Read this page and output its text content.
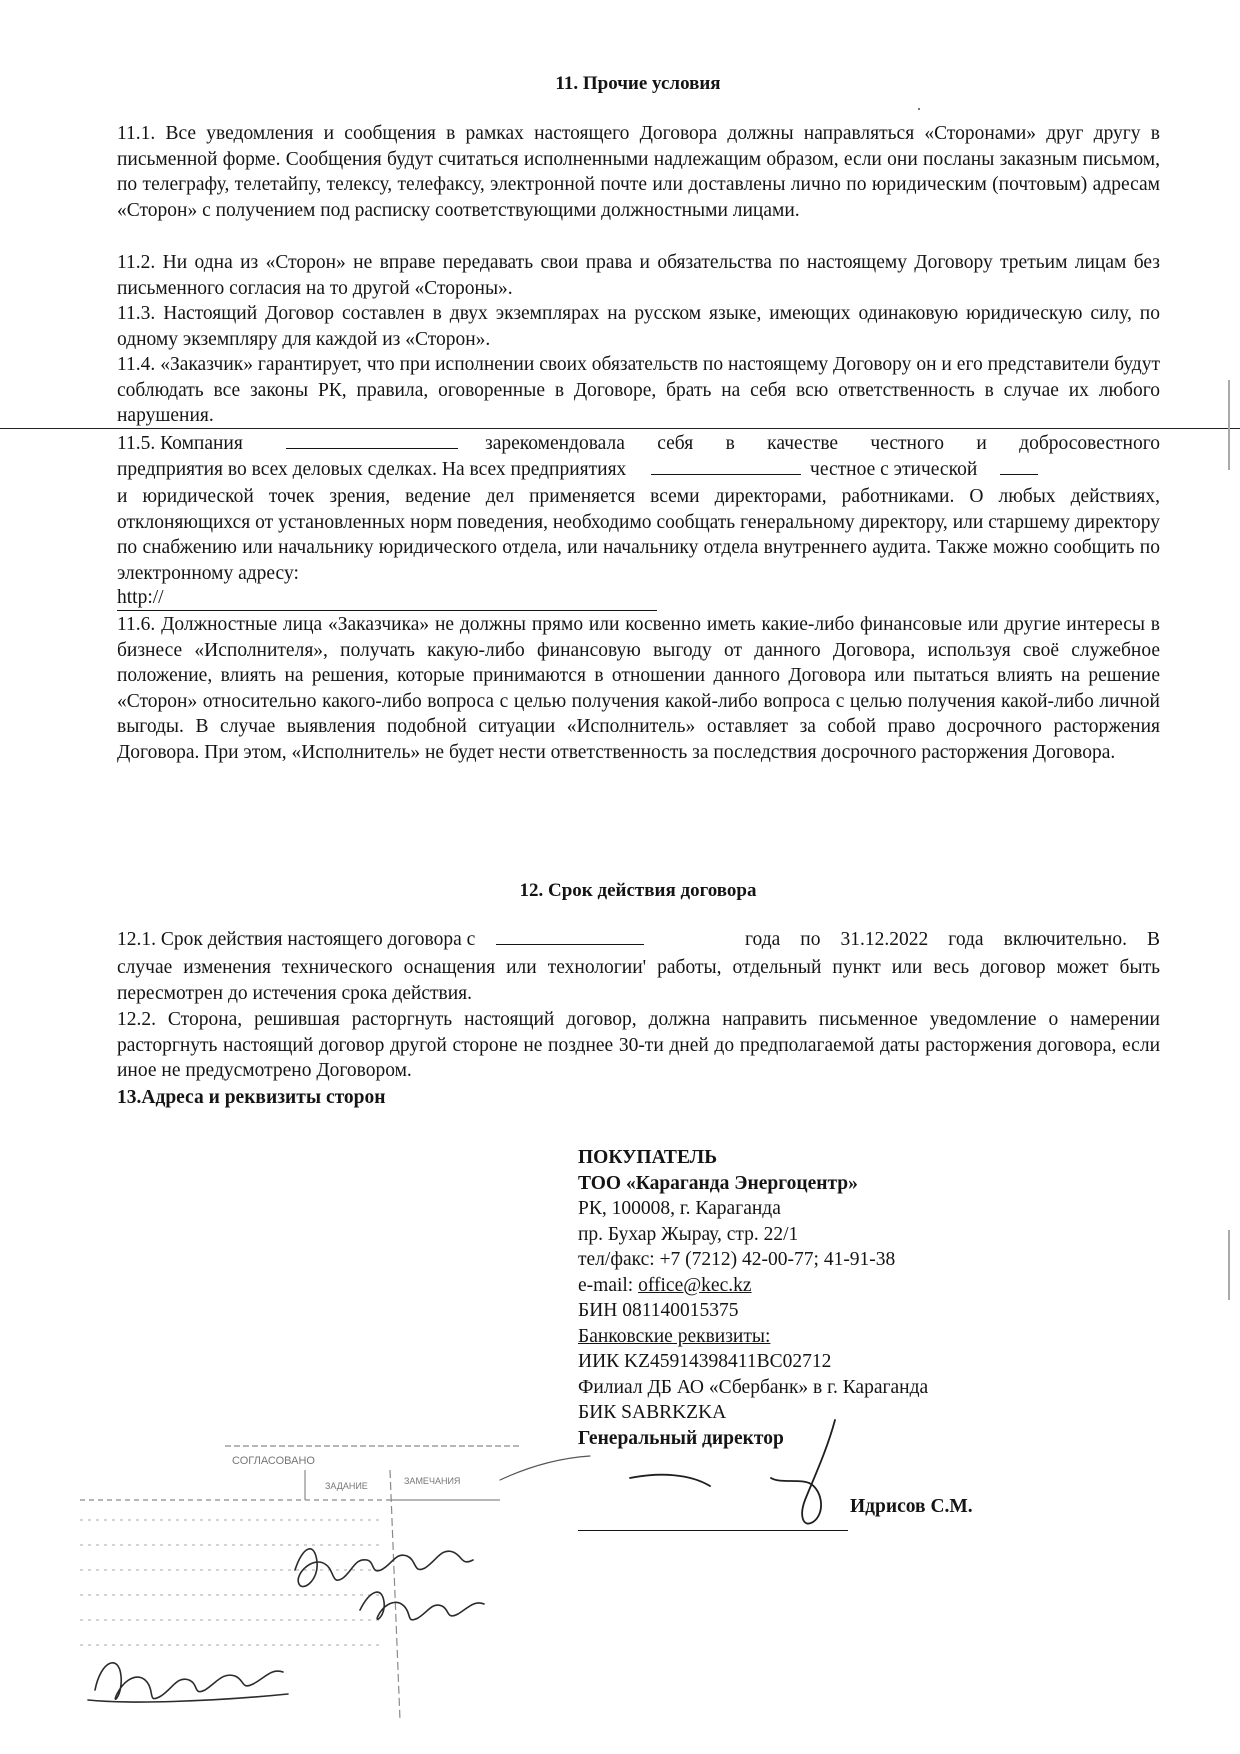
11. Прочие условия

11.1. Все уведомления и сообщения в рамках настоящего Договора должны направляться «Сторонами» друг другу в письменной форме. Сообщения будут считаться исполненными надлежащим образом, если они посланы заказным письмом, по телеграфу, телетайпу, телексу, телефаксу, электронной почте или доставлены лично по юридическим (почтовым) адресам «Сторон» с получением под расписку соответствующими должностными лицами.

11.2. Ни одна из «Сторон» не вправе передавать свои права и обязательства по настоящему Договору третьим лицам без письменного согласия на то другой «Стороны».

11.3. Настоящий Договор составлен в двух экземплярах на русском языке, имеющих одинаковую юридическую силу, по одному экземпляру для каждой из «Сторон».

11.4. «Заказчик» гарантирует, что при исполнении своих обязательств по настоящему Договору он и его представители будут соблюдать все законы РК, правила, оговоренные в Договоре, брать на себя всю ответственность в случае их любого нарушения.

11.5. Компания	зарекомендовала себя в качестве честного и добросовестного
предприятия во всех деловых сделках. На всех предприятиях	честное с этической

и юридической точек зрения, ведение дел применяется всеми директорами, работниками. О любых действиях, отклоняющихся от установленных норм поведения, необходимо сообщать генеральному директору, или старшему директору по снабжению или начальнику юридического отдела, или начальнику отдела внутреннего аудита. Также можно сообщить по электронному адресу:

http://

11.6. Должностные лица «Заказчика» не должны прямо или косвенно иметь какие-либо финансовые или другие интересы в бизнесе «Исполнителя», получать какую-либо финансовую выгоду от данного Договора, используя своё служебное положение, влиять на решения, которые принимаются в отношении данного Договора или пытаться влиять на решение «Сторон» относительно какого-либо вопроса с целью получения какой-либо вопроса с целью получения какой-либо личной выгоды. В случае выявления подобной ситуации «Исполнитель» оставляет за собой право досрочного расторжения Договора. При этом, «Исполнитель» не будет нести ответственность за последствия досрочного расторжения Договора.

12. Срок действия договора
12.1. Срок действия настоящего договора с	года по 31.12.2022 года включительно. В

случае изменения технического оснащения или технологии' работы, отдельный пункт или весь договор может быть пересмотрен до истечения срока действия.

12.2. Сторона, решившая расторгнуть настоящий договор, должна направить письменное уведомление о намерении расторгнуть настоящий договор другой стороне не позднее 30-ти дней до предполагаемой даты расторжения договора, если иное не предусмотрено Договором.

13.Адреса и реквизиты сторон
ПОКУПАТЕЛЬ
ТОО «Караганда Энергоцентр»
РК, 100008, г. Караганда
пр. Бухар Жырау, стр. 22/1
тел/факс: +7 (7212) 42-00-77; 41-91-38
e-mail: office@kec.kz
БИН 081140015375
Банковские реквизиты:
ИИК KZ45914398411BC02712
Филиал ДБ АО «Сбербанк» в г. Караганда
БИК SABRKZKA
Генеральный директор
Идрисов С.М.
СОГЛАСОВАНО
ЗАДАНИЕ	ЗАМЕЧАНИЯ
